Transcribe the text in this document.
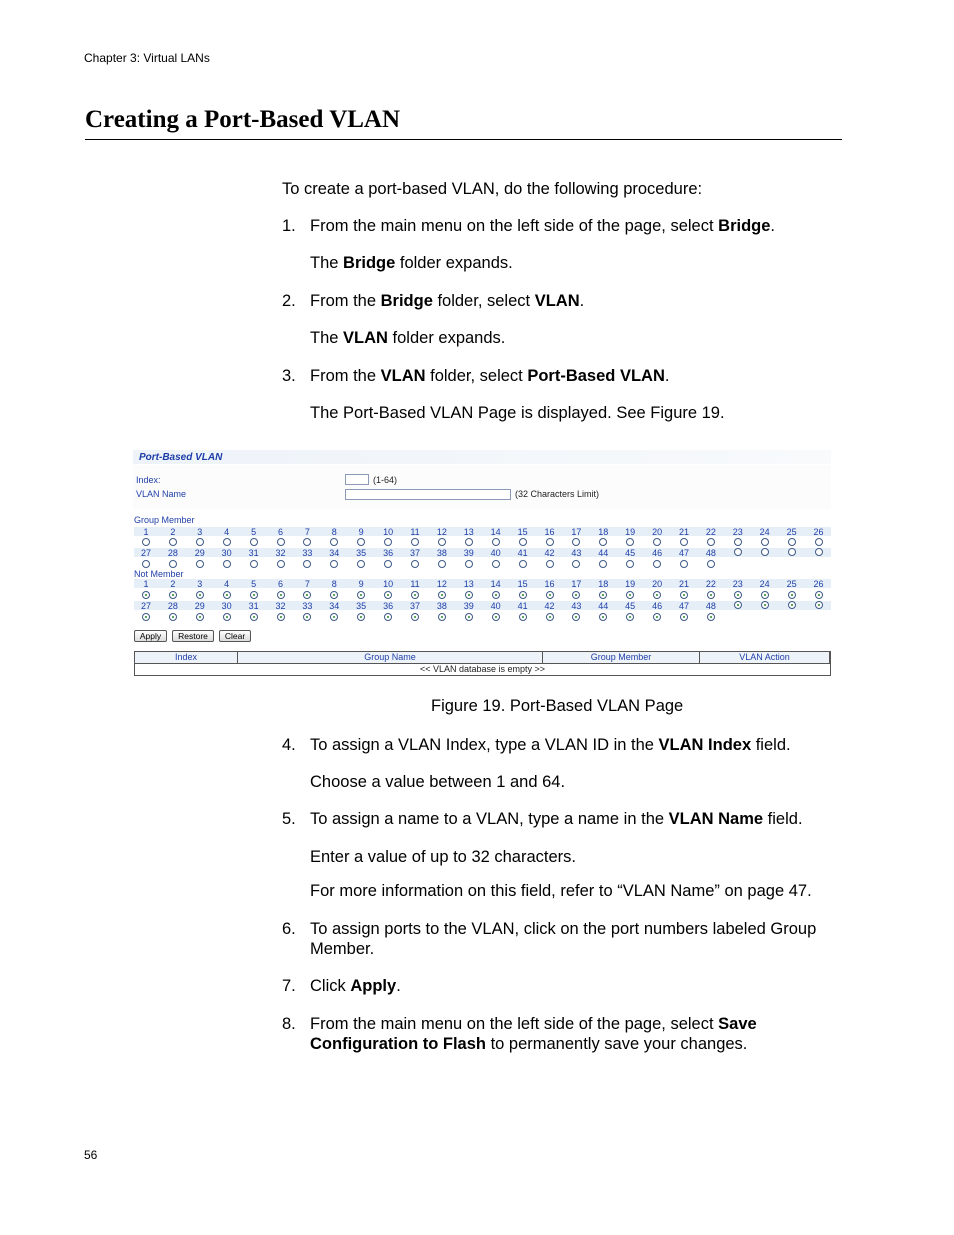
Chapter 3: Virtual LANs
Creating a Port-Based VLAN
To create a port-based VLAN, do the following procedure:
1. From the main menu on the left side of the page, select Bridge.
The Bridge folder expands.
2. From the Bridge folder, select VLAN.
The VLAN folder expands.
3. From the VLAN folder, select Port-Based VLAN.
The Port-Based VLAN Page is displayed. See Figure 19.
Port-Based VLAN
Index:	(1-64)
VLAN Name	(32 Characters Limit)
Group Member
1	2	3	4	5	6	7	8	9	10	11	12	13	14	15	16	17	18	19	20	21	22	23	24	25	26
27	28	29	30	31	32	33	34	35	36	37	38	39	40	41	42	43	44	45	46	47	48
Not Member
1	2	3	4	5	6	7	8	9	10	11	12	13	14	15	16	17	18	19	20	21	22	23	24	25	26
27	28	29	30	31	32	33	34	35	36	37	38	39	40	41	42	43	44	45	46	47	48
Apply	Restore	Clear
Index	Group Name	Group Member	VLAN Action
<< VLAN database is empty >>
Figure 19. Port-Based VLAN Page
4. To assign a VLAN Index, type a VLAN ID in the VLAN Index field.
Choose a value between 1 and 64.
5. To assign a name to a VLAN, type a name in the VLAN Name field.
Enter a value of up to 32 characters.
For more information on this field, refer to “VLAN Name” on page 47.
6. To assign ports to the VLAN, click on the port numbers labeled Group Member.
7. Click Apply.
8. From the main menu on the left side of the page, select Save Configuration to Flash to permanently save your changes.
56
